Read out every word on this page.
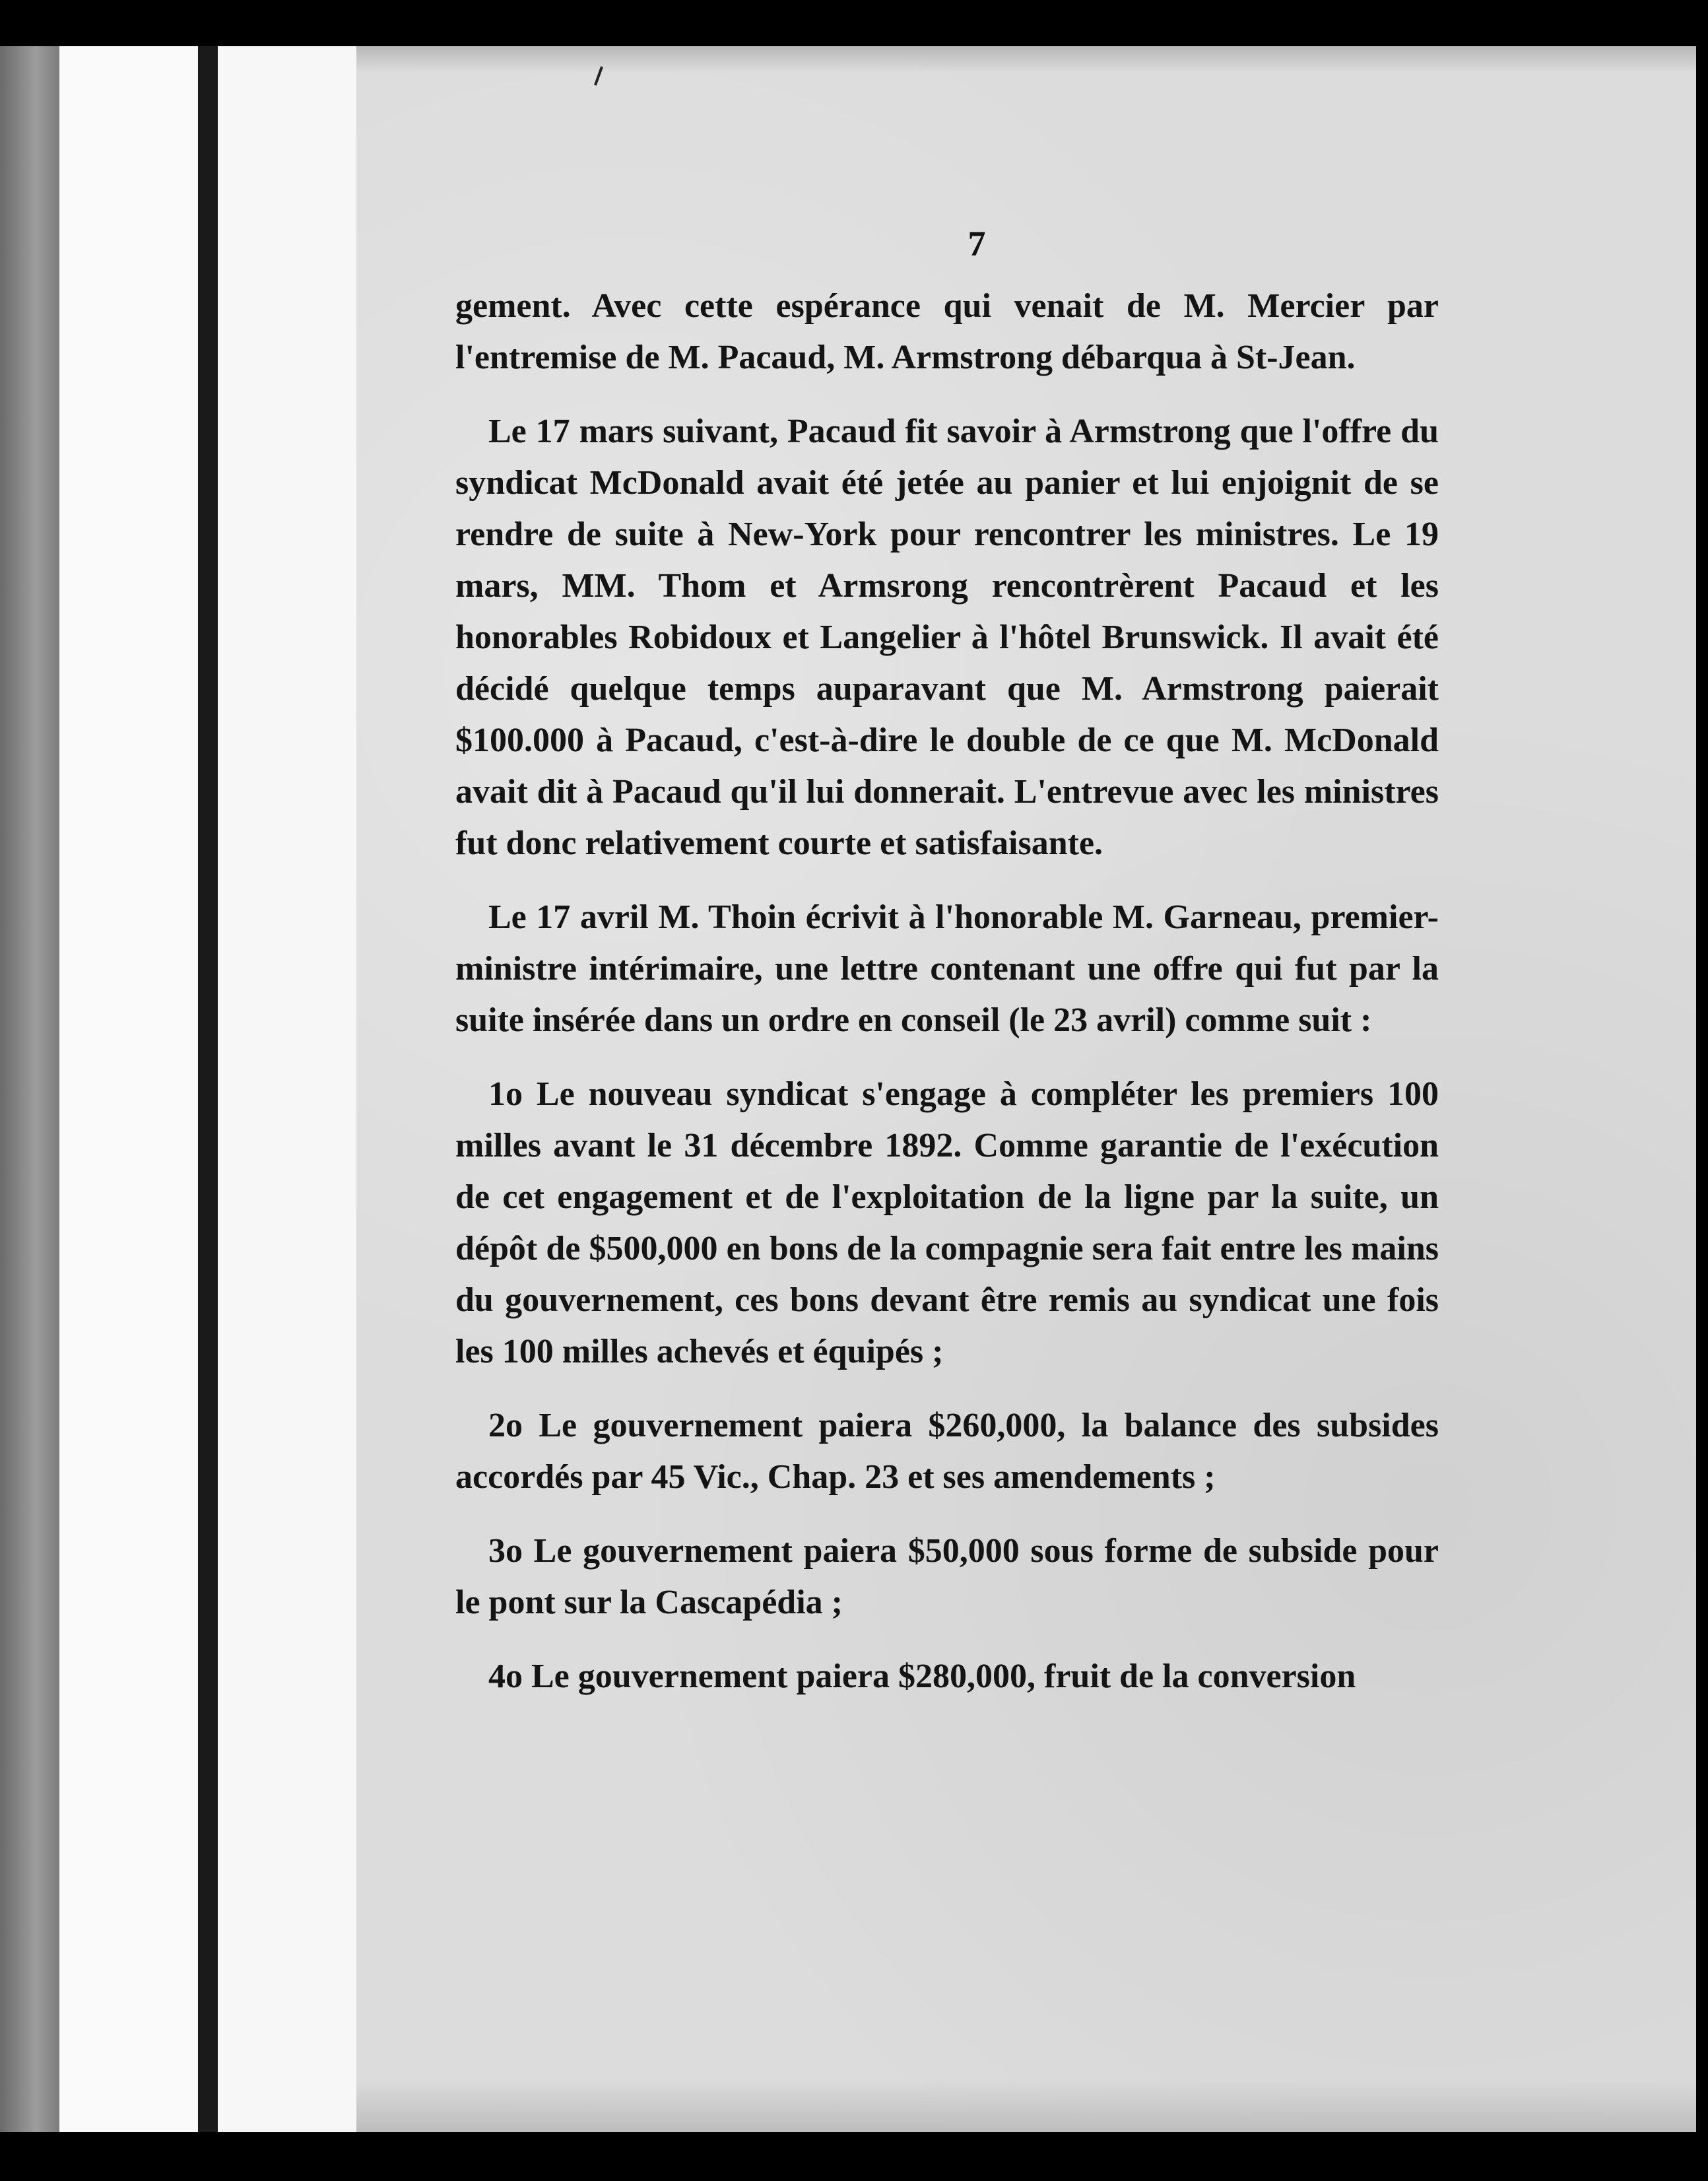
7

gement. Avec cette espérance qui venait de M. Mercier par l'entremise de M. Pacaud, M. Armstrong débarqua à St-Jean.

Le 17 mars suivant, Pacaud fit savoir à Armstrong que l'offre du syndicat McDonald avait été jetée au panier et lui enjoignit de se rendre de suite à New-York pour rencontrer les ministres. Le 19 mars, MM. Thom et Armsrong rencontrèrent Pacaud et les honorables Robidoux et Langelier à l'hôtel Brunswick. Il avait été décidé quelque temps auparavant que M. Armstrong paierait $100.000 à Pacaud, c'est-à-dire le double de ce que M. McDonald avait dit à Pacaud qu'il lui donnerait. L'entrevue avec les ministres fut donc relativement courte et satisfaisante.

Le 17 avril M. Thoin écrivit à l'honorable M. Garneau, premier-ministre intérimaire, une lettre contenant une offre qui fut par la suite insérée dans un ordre en conseil (le 23 avril) comme suit :

1o Le nouveau syndicat s'engage à compléter les premiers 100 milles avant le 31 décembre 1892. Comme garantie de l'exécution de cet engagement et de l'exploitation de la ligne par la suite, un dépôt de $500,000 en bons de la compagnie sera fait entre les mains du gouvernement, ces bons devant être remis au syndicat une fois les 100 milles achevés et équipés ;

2o Le gouvernement paiera $260,000, la balance des subsides accordés par 45 Vic., Chap. 23 et ses amendements ;

3o Le gouvernement paiera $50,000 sous forme de subside pour le pont sur la Cascapédia ;

4o Le gouvernement paiera $280,000, fruit de la conversion
